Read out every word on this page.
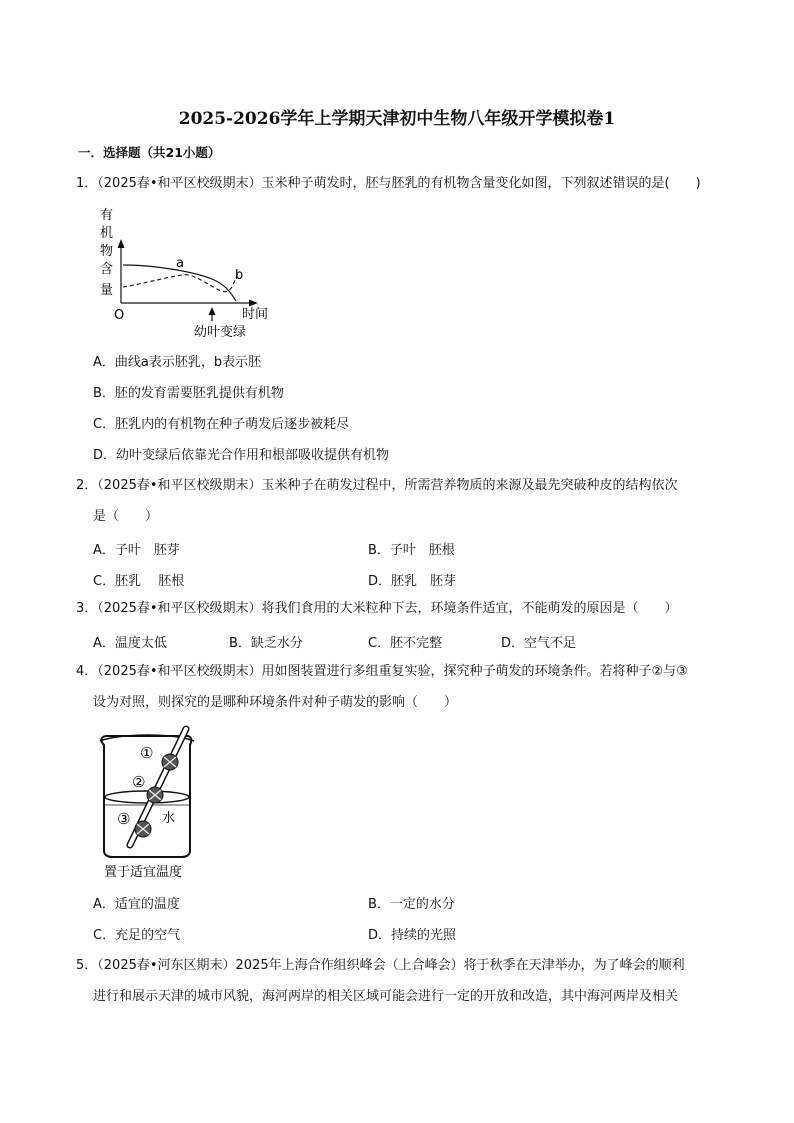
2025-2026学年上学期天津初中生物八年级开学模拟卷1
一．选择题（共21小题）
1．（2025春•和平区校级期末）玉米种子萌发时，胚与胚乳的有机物含量变化如图，下列叙述错误的是(　　)
有
机
物
含
量
O	时间
a
b
幼叶变绿
A．曲线a表示胚乳，b表示胚
B．胚的发育需要胚乳提供有机物
C．胚乳内的有机物在种子萌发后逐步被耗尽
D．幼叶变绿后依靠光合作用和根部吸收提供有机物
2．（2025春•和平区校级期末）玉米种子在萌发过程中，所需营养物质的来源及最先突破种皮的结构依次
是（　　）
A．子叶　胚芽	B．子叶　胚根
C．胚乳　 胚根	D．胚乳　胚芽
3．（2025春•和平区校级期末）将我们食用的大米粒种下去，环境条件适宜，不能萌发的原因是（　　）
A．温度太低	B．缺乏水分	C．胚不完整	D．空气不足
4．（2025春•和平区校级期末）用如图装置进行多组重复实验，探究种子萌发的环境条件。若将种子②与③
设为对照，则探究的是哪种环境条件对种子萌发的影响（　　）
①
②
③ 水
置于适宜温度
A．适宜的温度	B．一定的水分
C．充足的空气	D．持续的光照
5．（2025春•河东区期末）2025年上海合作组织峰会（上合峰会）将于秋季在天津举办，为了峰会的顺利
进行和展示天津的城市风貌，海河两岸的相关区域可能会进行一定的开放和改造，其中海河两岸及相关
